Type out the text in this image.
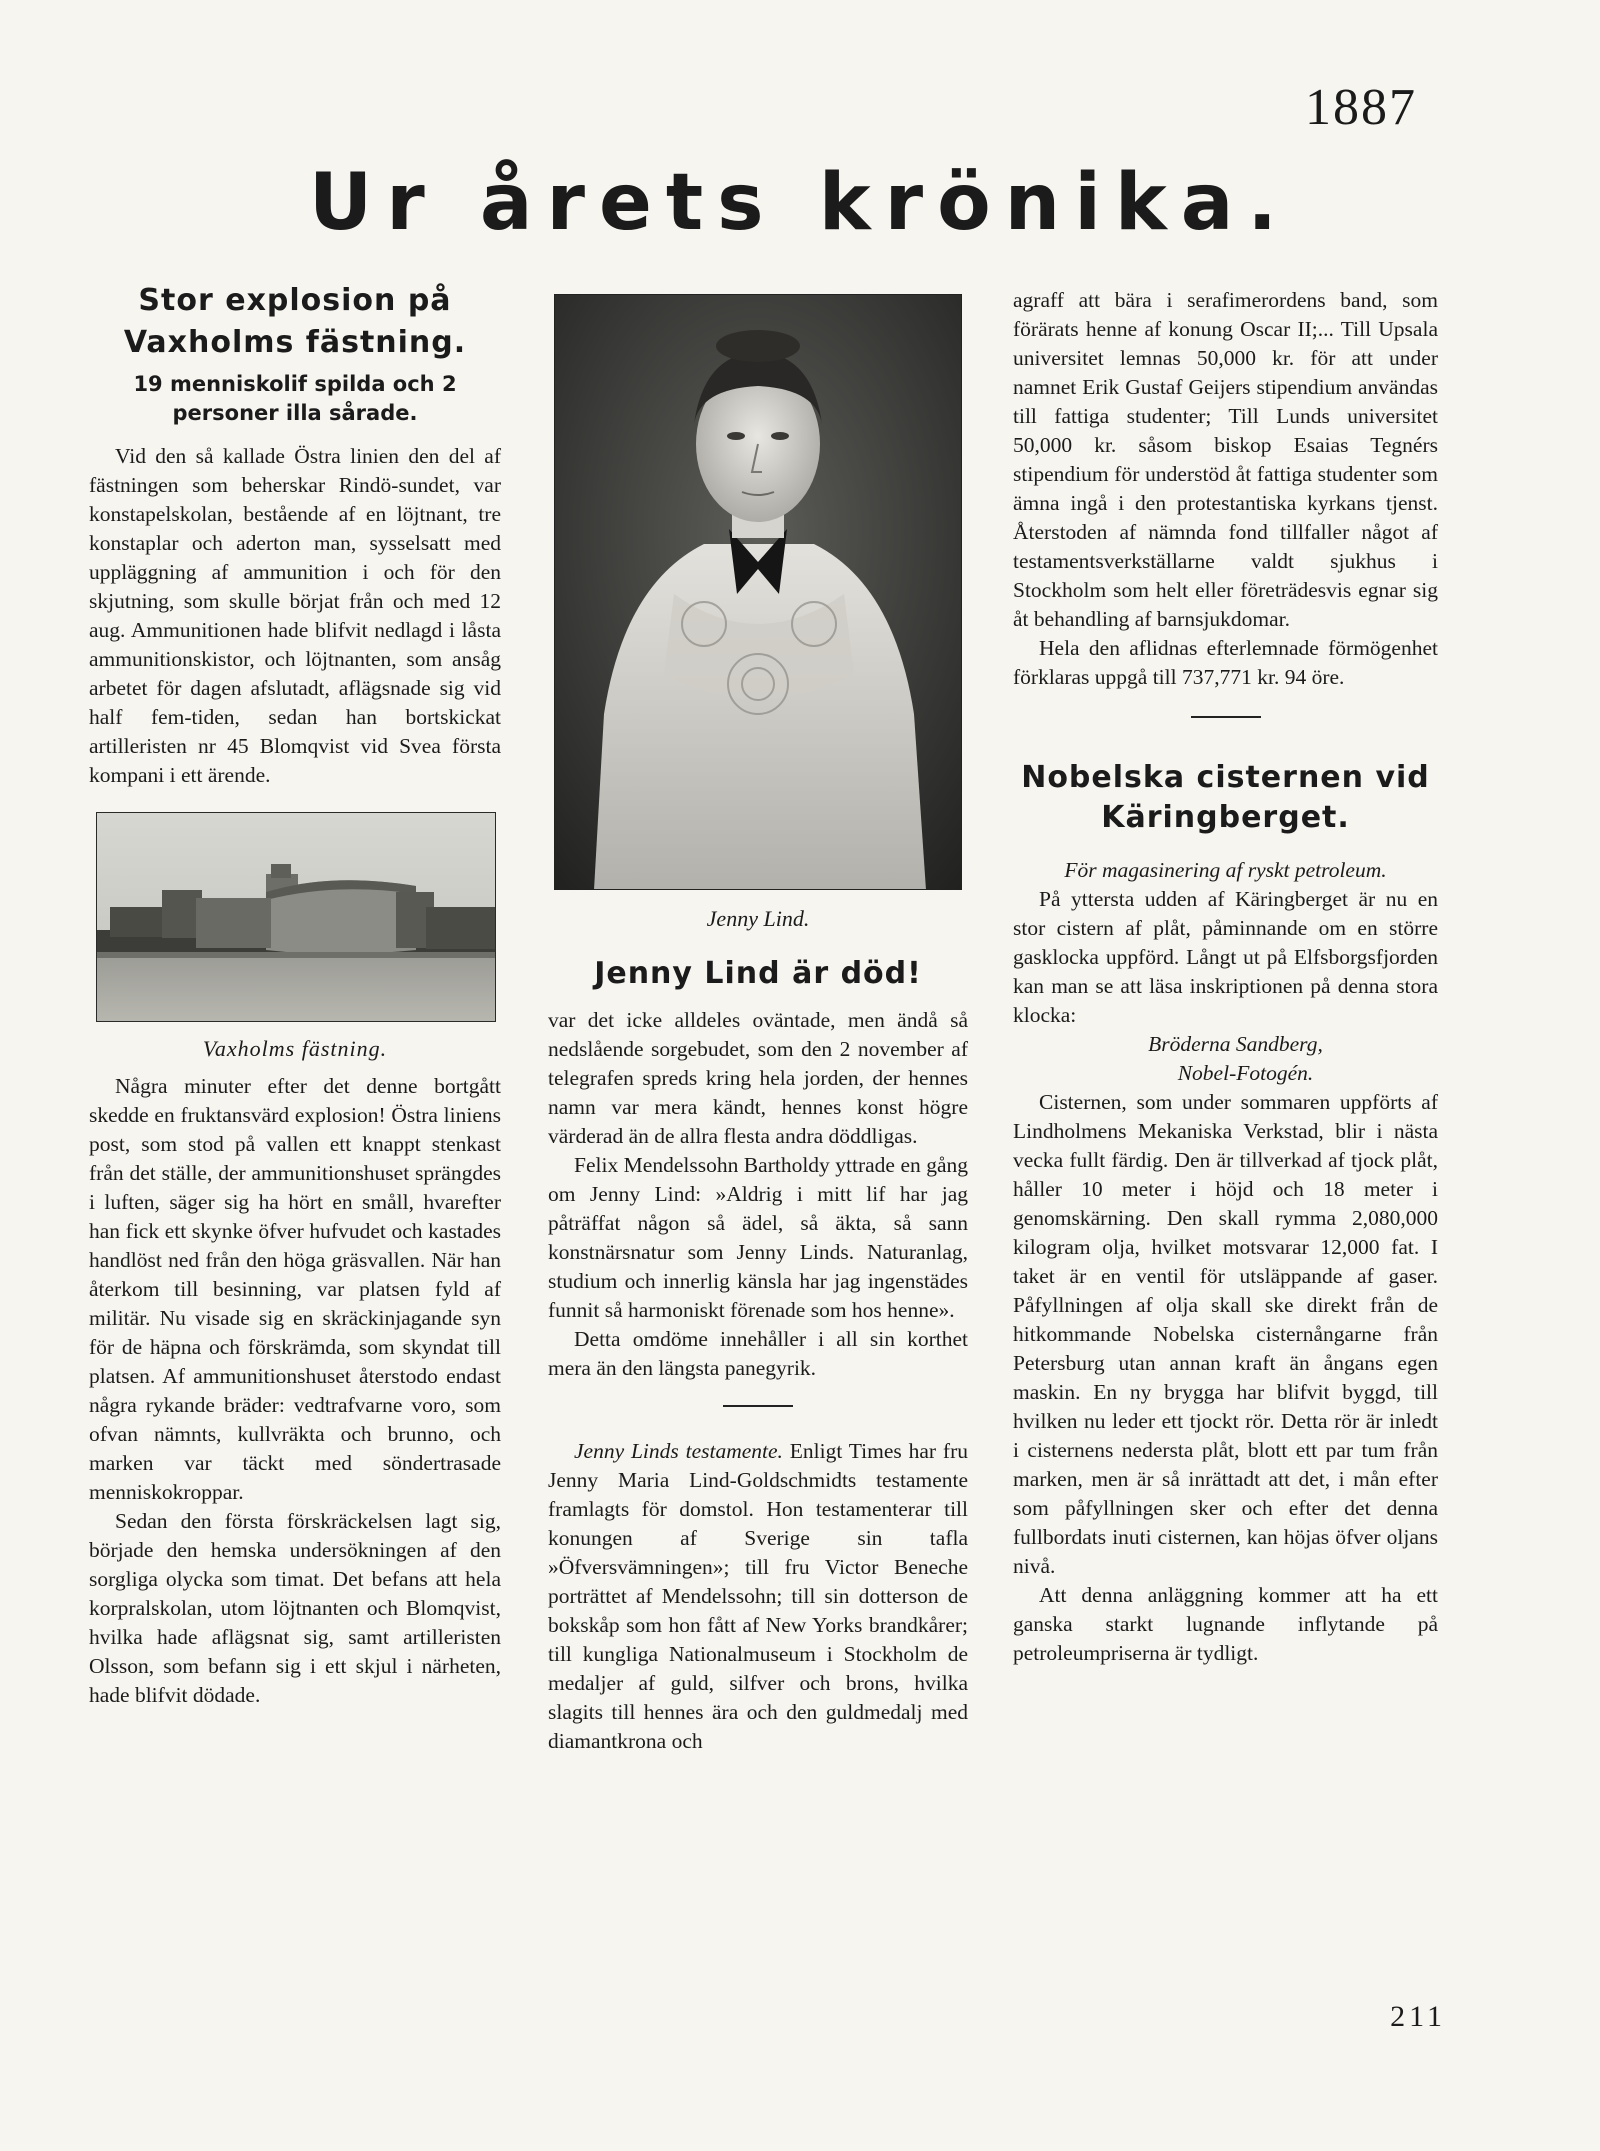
1887
Ur årets krönika.
Stor explosion på Vaxholms fästning.
19 menniskolif spilda och 2 personer illa sårade.

Vid den så kallade Östra linien den del af fästningen som beherskar Rindö-sundet, var konstapelskolan, bestående af en löjtnant, tre konstaplar och aderton man, sysselsatt med uppläggning af ammunition i och för den skjutning, som skulle börjat från och med 12 aug. Ammunitionen hade blifvit nedlagd i låsta ammunitionskistor, och löjtnanten, som ansåg arbetet för dagen afslutadt, aflägsnade sig vid half fem-tiden, sedan han bortskickat artilleristen nr 45 Blomqvist vid Svea första kompani i ett ärende.

Vaxholms fästning.

Några minuter efter det denne bortgått skedde en fruktansvärd explosion! Östra liniens post, som stod på vallen ett knappt stenkast från det ställe, der ammunitionshuset sprängdes i luften, säger sig ha hört en småll, hvarefter han fick ett skynke öfver hufvudet och kastades handlöst ned från den höga gräsvallen. När han återkom till besinning, var platsen fyld af militär. Nu visade sig en skräckinjagande syn för de häpna och förskrämda, som skyndat till platsen. Af ammunitionshuset återstodo endast några rykande bräder: vedtrafvarne voro, som ofvan nämnts, kullvräkta och brunno, och marken var täckt med söndertrasade menniskokroppar.

Sedan den första förskräckelsen lagt sig, började den hemska undersökningen af den sorgliga olycka som timat. Det befans att hela korpralskolan, utom löjtnanten och Blomqvist, hvilka hade aflägsnat sig, samt artilleristen Olsson, som befann sig i ett skjul i närheten, hade blifvit dödade.

Jenny Lind.

Jenny Lind är död!

var det icke alldeles oväntade, men ändå så nedslående sorgebudet, som den 2 november af telegrafen spreds kring hela jorden, der hennes namn var mera kändt, hennes konst högre värderad än de allra flesta andra döddligas.

Felix Mendelssohn Bartholdy yttrade en gång om Jenny Lind: »Aldrig i mitt lif har jag påträffat någon så ädel, så äkta, så sann konstnärsnatur som Jenny Linds. Naturanlag, studium och innerlig känsla har jag ingenstädes funnit så harmoniskt förenade som hos henne».

Detta omdöme innehåller i all sin korthet mera än den längsta panegyrik.

Jenny Linds testamente. Enligt Times har fru Jenny Maria Lind-Goldschmidts testamente framlagts för domstol. Hon testamenterar till konungen af Sverige sin tafla »Öfversvämningen»; till fru Victor Beneche porträttet af Mendelssohn; till sin dotterson de bokskåp som hon fått af New Yorks brandkårer; till kungliga Nationalmuseum i Stockholm de medaljer af guld, silfver och brons, hvilka slagits till hennes ära och den guldmedalj med diamantkrona och

agraff att bära i serafimerordens band, som förärats henne af konung Oscar II;... Till Upsala universitet lemnas 50,000 kr. för att under namnet Erik Gustaf Geijers stipendium användas till fattiga studenter; Till Lunds universitet 50,000 kr. såsom biskop Esaias Tegnérs stipendium för understöd åt fattiga studenter som ämna ingå i den protestantiska kyrkans tjenst. Återstoden af nämnda fond tillfaller något af testamentsverkställarne valdt sjukhus i Stockholm som helt eller företrädesvis egnar sig åt behandling af barnsjukdomar.

Hela den aflidnas efterlemnade förmögenhet förklaras uppgå till 737,771 kr. 94 öre.

Nobelska cisternen vid Käringberget.

För magasinering af ryskt petroleum.

På yttersta udden af Käringberget är nu en stor cistern af plåt, påminnande om en större gasklocka uppförd. Långt ut på Elfsborgsfjorden kan man se att läsa inskriptionen på denna stora klocka:

Bröderna Sandberg,

Nobel-Fotogén.

Cisternen, som under sommaren uppförts af Lindholmens Mekaniska Verkstad, blir i nästa vecka fullt färdig. Den är tillverkad af tjock plåt, håller 10 meter i höjd och 18 meter i genomskärning. Den skall rymma 2,080,000 kilogram olja, hvilket motsvarar 12,000 fat. I taket är en ventil för utsläppande af gaser. Påfyllningen af olja skall ske direkt från de hitkommande Nobelska cisternångarne från Petersburg utan annan kraft än ångans egen maskin. En ny brygga har blifvit byggd, till hvilken nu leder ett tjockt rör. Detta rör är inledt i cisternens nedersta plåt, blott ett par tum från marken, men är så inrättadt att det, i mån efter som påfyllningen sker och efter det denna fullbordats inuti cisternen, kan höjas öfver oljans nivå.

Att denna anläggning kommer att ha ett ganska starkt lugnande inflytande på petroleumpriserna är tydligt.

211
